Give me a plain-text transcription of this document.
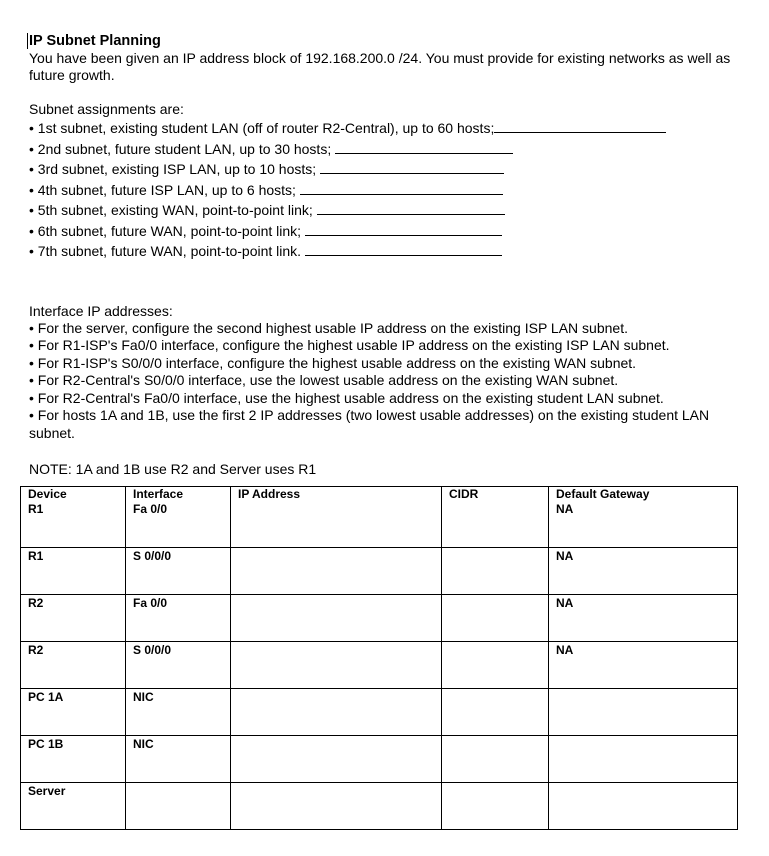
IP Subnet Planning

You have been given an IP address block of 192.168.200.0 /24. You must provide for existing networks as well as future growth.

Subnet assignments are:

• 1st subnet, existing student LAN (off of router R2-Central), up to 60 hosts;
• 2nd subnet, future student LAN, up to 30 hosts;
• 3rd subnet, existing ISP LAN, up to 10 hosts;
• 4th subnet, future ISP LAN, up to 6 hosts;
• 5th subnet, existing WAN, point-to-point link;
• 6th subnet, future WAN, point-to-point link;
• 7th subnet, future WAN, point-to-point link.

Interface IP addresses:

• For the server, configure the second highest usable IP address on the existing ISP LAN subnet.
• For R1-ISP's Fa0/0 interface, configure the highest usable IP address on the existing ISP LAN subnet.
• For R1-ISP's S0/0/0 interface, configure the highest usable address on the existing WAN subnet.
• For R2-Central's S0/0/0 interface, use the lowest usable address on the existing WAN subnet.
• For R2-Central's Fa0/0 interface, use the highest usable address on the existing student LAN subnet.
• For hosts 1A and 1B, use the first 2 IP addresses (two lowest usable addresses) on the existing student LAN subnet.

NOTE: 1A and 1B use R2 and Server uses R1

Device	Interface	IP Address	CIDR	Default Gateway
R1	Fa 0/0			NA
R1	S 0/0/0			NA
R2	Fa 0/0			NA
R2	S 0/0/0			NA
PC 1A	NIC			
PC 1B	NIC			
Server				
